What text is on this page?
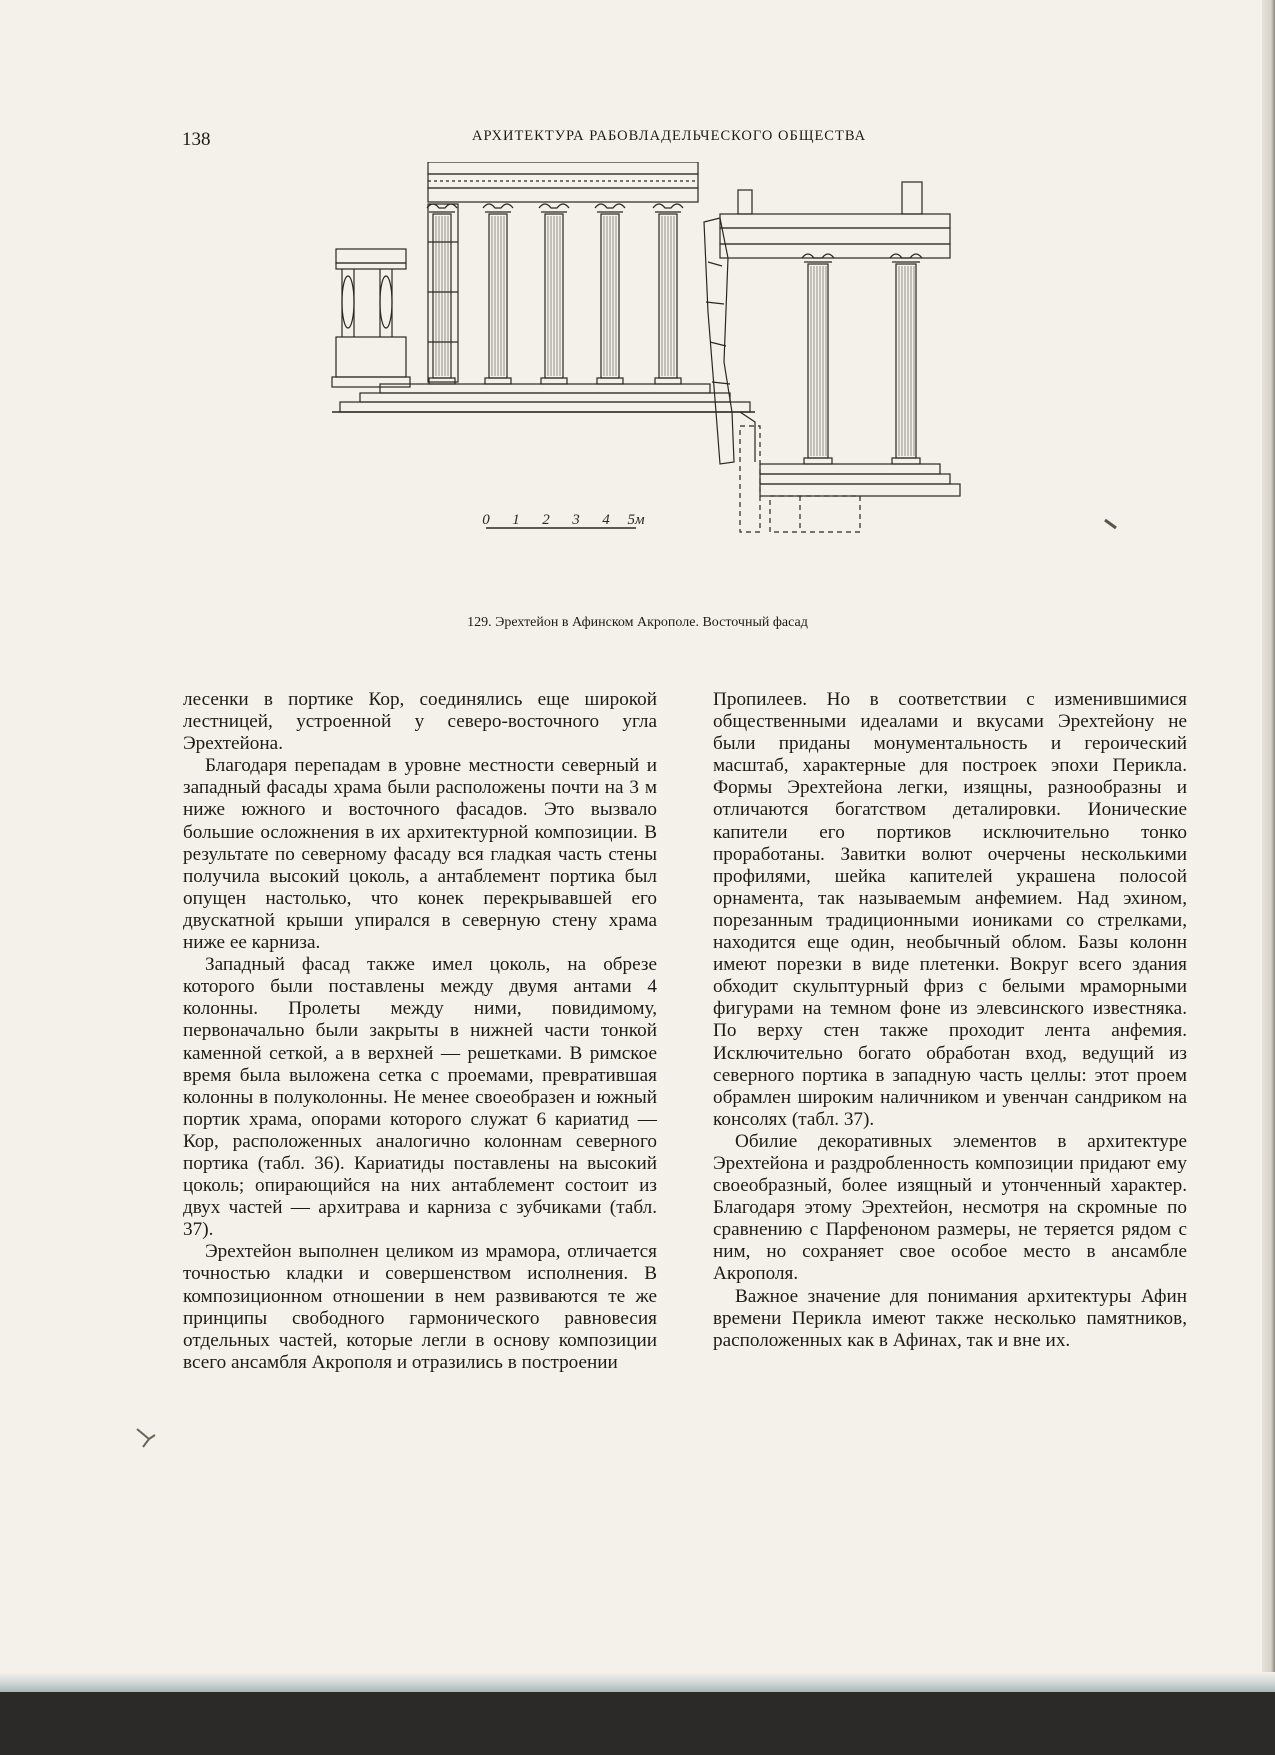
138	АРХИТЕКТУРА РАБОВЛАДЕЛЬЧЕСКОГО ОБЩЕСТВА
0 1 2 3 4 5м
129. Эрехтейон в Афинском Акрополе. Восточный фасад

лесенки в портике Кор, соединялись еще широкой лестницей, устроенной у северо-восточного угла Эрехтейона.

Благодаря перепадам в уровне местности северный и западный фасады храма были расположены почти на 3 м ниже южного и восточного фасадов. Это вызвало большие осложнения в их архитектурной композиции. В результате по северному фасаду вся гладкая часть стены получила высокий цоколь, а антаблемент портика был опущен настолько, что конек перекрывавшей его двускатной крыши упирался в северную стену храма ниже ее карниза.

Западный фасад также имел цоколь, на обрезе которого были поставлены между двумя антами 4 колонны. Пролеты между ними, повидимому, первоначально были закрыты в нижней части тонкой каменной сеткой, а в верхней — решетками. В римское время была выложена сетка с проемами, превратившая колонны в полуколонны. Не менее своеобразен и южный портик храма, опорами которого служат 6 кариатид — Кор, расположенных аналогично колоннам северного портика (табл. 36). Кариатиды поставлены на высокий цоколь; опирающийся на них антаблемент состоит из двух частей — архитрава и карниза с зубчиками (табл. 37).

Эрехтейон выполнен целиком из мрамора, отличается точностью кладки и совершенством исполнения. В композиционном отношении в нем развиваются те же принципы свободного гармонического равновесия отдельных частей, которые легли в основу композиции всего ансамбля Акрополя и отразились в построении

Пропилеев. Но в соответствии с изменившимися общественными идеалами и вкусами Эрехтейону не были приданы монументальность и героический масштаб, характерные для построек эпохи Перикла. Формы Эрехтейона легки, изящны, разнообразны и отличаются богатством деталировки. Ионические капители его портиков исключительно тонко проработаны. Завитки волют очерчены несколькими профилями, шейка капителей украшена полосой орнамента, так называемым анфемием. Над эхином, порезанным традиционными иониками со стрелками, находится еще один, необычный облом. Базы колонн имеют порезки в виде плетенки. Вокруг всего здания обходит скульптурный фриз с белыми мраморными фигурами на темном фоне из элевсинского известняка. По верху стен также проходит лента анфемия. Исключительно богато обработан вход, ведущий из северного портика в западную часть целлы: этот проем обрамлен широким наличником и увенчан сандриком на консолях (табл. 37).

Обилие декоративных элементов в архитектуре Эрехтейона и раздробленность композиции придают ему своеобразный, более изящный и утонченный характер. Благодаря этому Эрехтейон, несмотря на скромные по сравнению с Парфеноном размеры, не теряется рядом с ним, но сохраняет свое особое место в ансамбле Акрополя.

Важное значение для понимания архитектуры Афин времени Перикла имеют также несколько памятников, расположенных как в Афинах, так и вне их.
